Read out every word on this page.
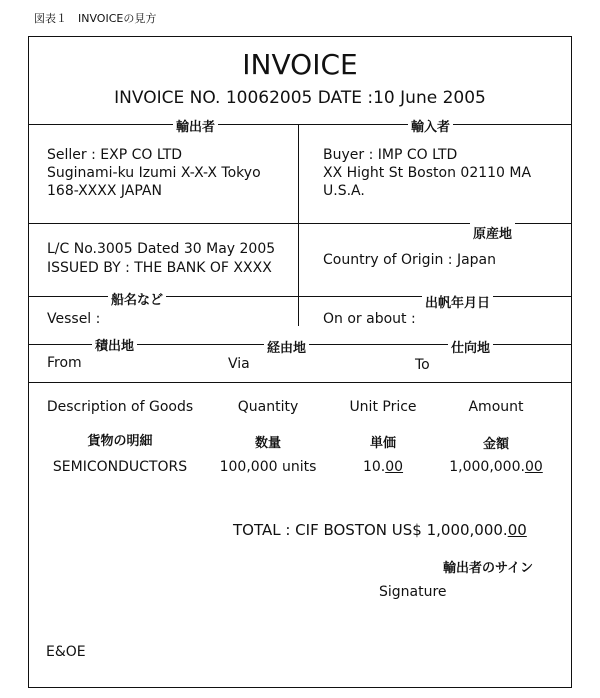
図表１　INVOICEの見方
INVOICE
INVOICE NO. 10062005 DATE :10 June 2005
輸出者	輸入者
Seller : EXP CO LTD
Suginami-ku Izumi X-X-X Tokyo
168-XXXX JAPAN
Buyer : IMP CO LTD
XX Hight St Boston 02110 MA
U.S.A.
原産地
L/C No.3005 Dated 30 May 2005
ISSUED BY : THE BANK OF XXXX	Country of Origin : Japan
船名など	出帆年月日
Vessel :	On or about :
積出地	経由地	仕向地
From	Via	To
Description of Goods	Quantity	Unit Price	Amount
貨物の明細	数量	単価	金額
SEMICONDUCTORS	100,000 units	10.00	1,000,000.00
TOTAL : CIF BOSTON US$ 1,000,000.00
輸出者のサイン
Signature
E&OE
